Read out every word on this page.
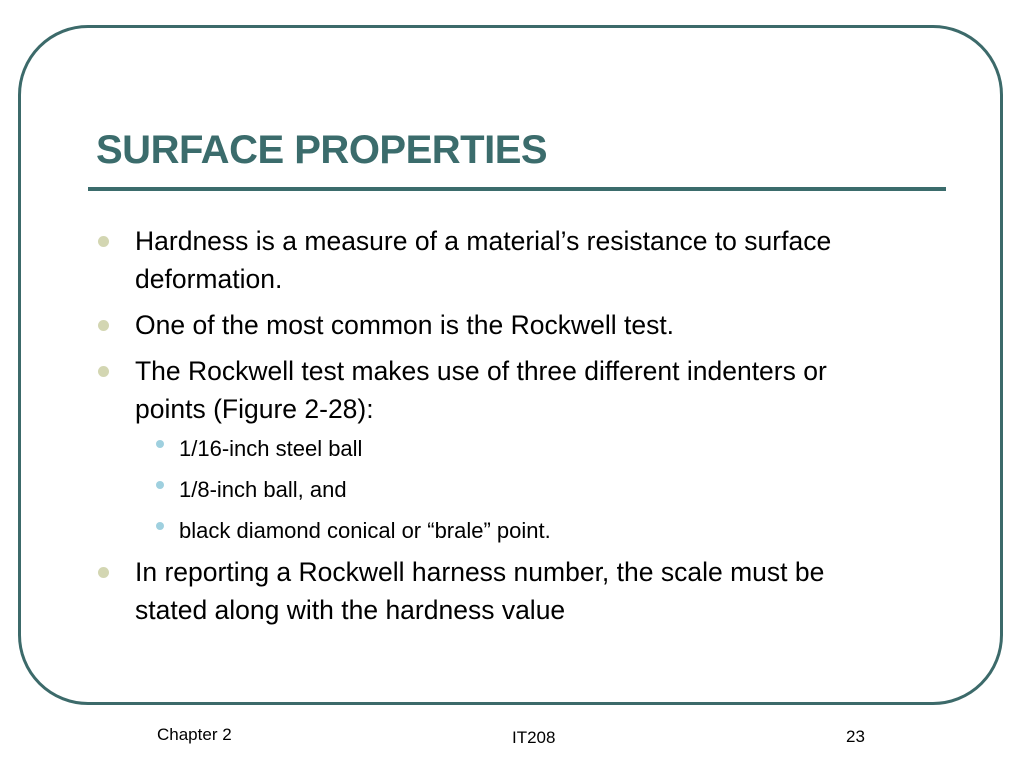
SURFACE PROPERTIES
Hardness is a measure of a material’s resistance to surface deformation.
One of the most common is the Rockwell test.
The Rockwell test makes use of three different indenters or points (Figure 2-28):
1/16-inch steel ball
1/8-inch ball, and
black diamond conical or “brale” point.
In reporting a Rockwell harness number, the scale must be stated along with the hardness value
Chapter 2	IT208	23
